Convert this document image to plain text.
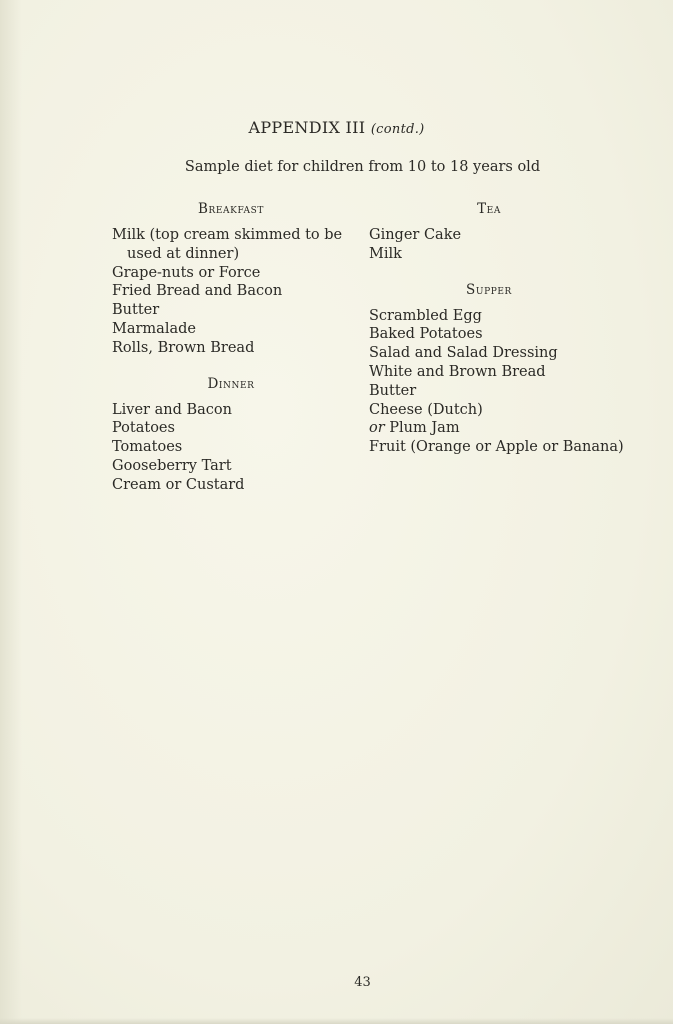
APPENDIX III (contd.)
Sample diet for children from 10 to 18 years old
Breakfast
Milk (top cream skimmed to be
used at dinner)
Grape-nuts or Force
Fried Bread and Bacon
Butter
Marmalade
Rolls, Brown Bread
Dinner
Liver and Bacon
Potatoes
Tomatoes
Gooseberry Tart
Cream or Custard
Tea
Ginger Cake
Milk
Supper
Scrambled Egg
Baked Potatoes
Salad and Salad Dressing
White and Brown Bread
Butter
Cheese (Dutch)
or Plum Jam
Fruit (Orange or Apple or Banana)
43
